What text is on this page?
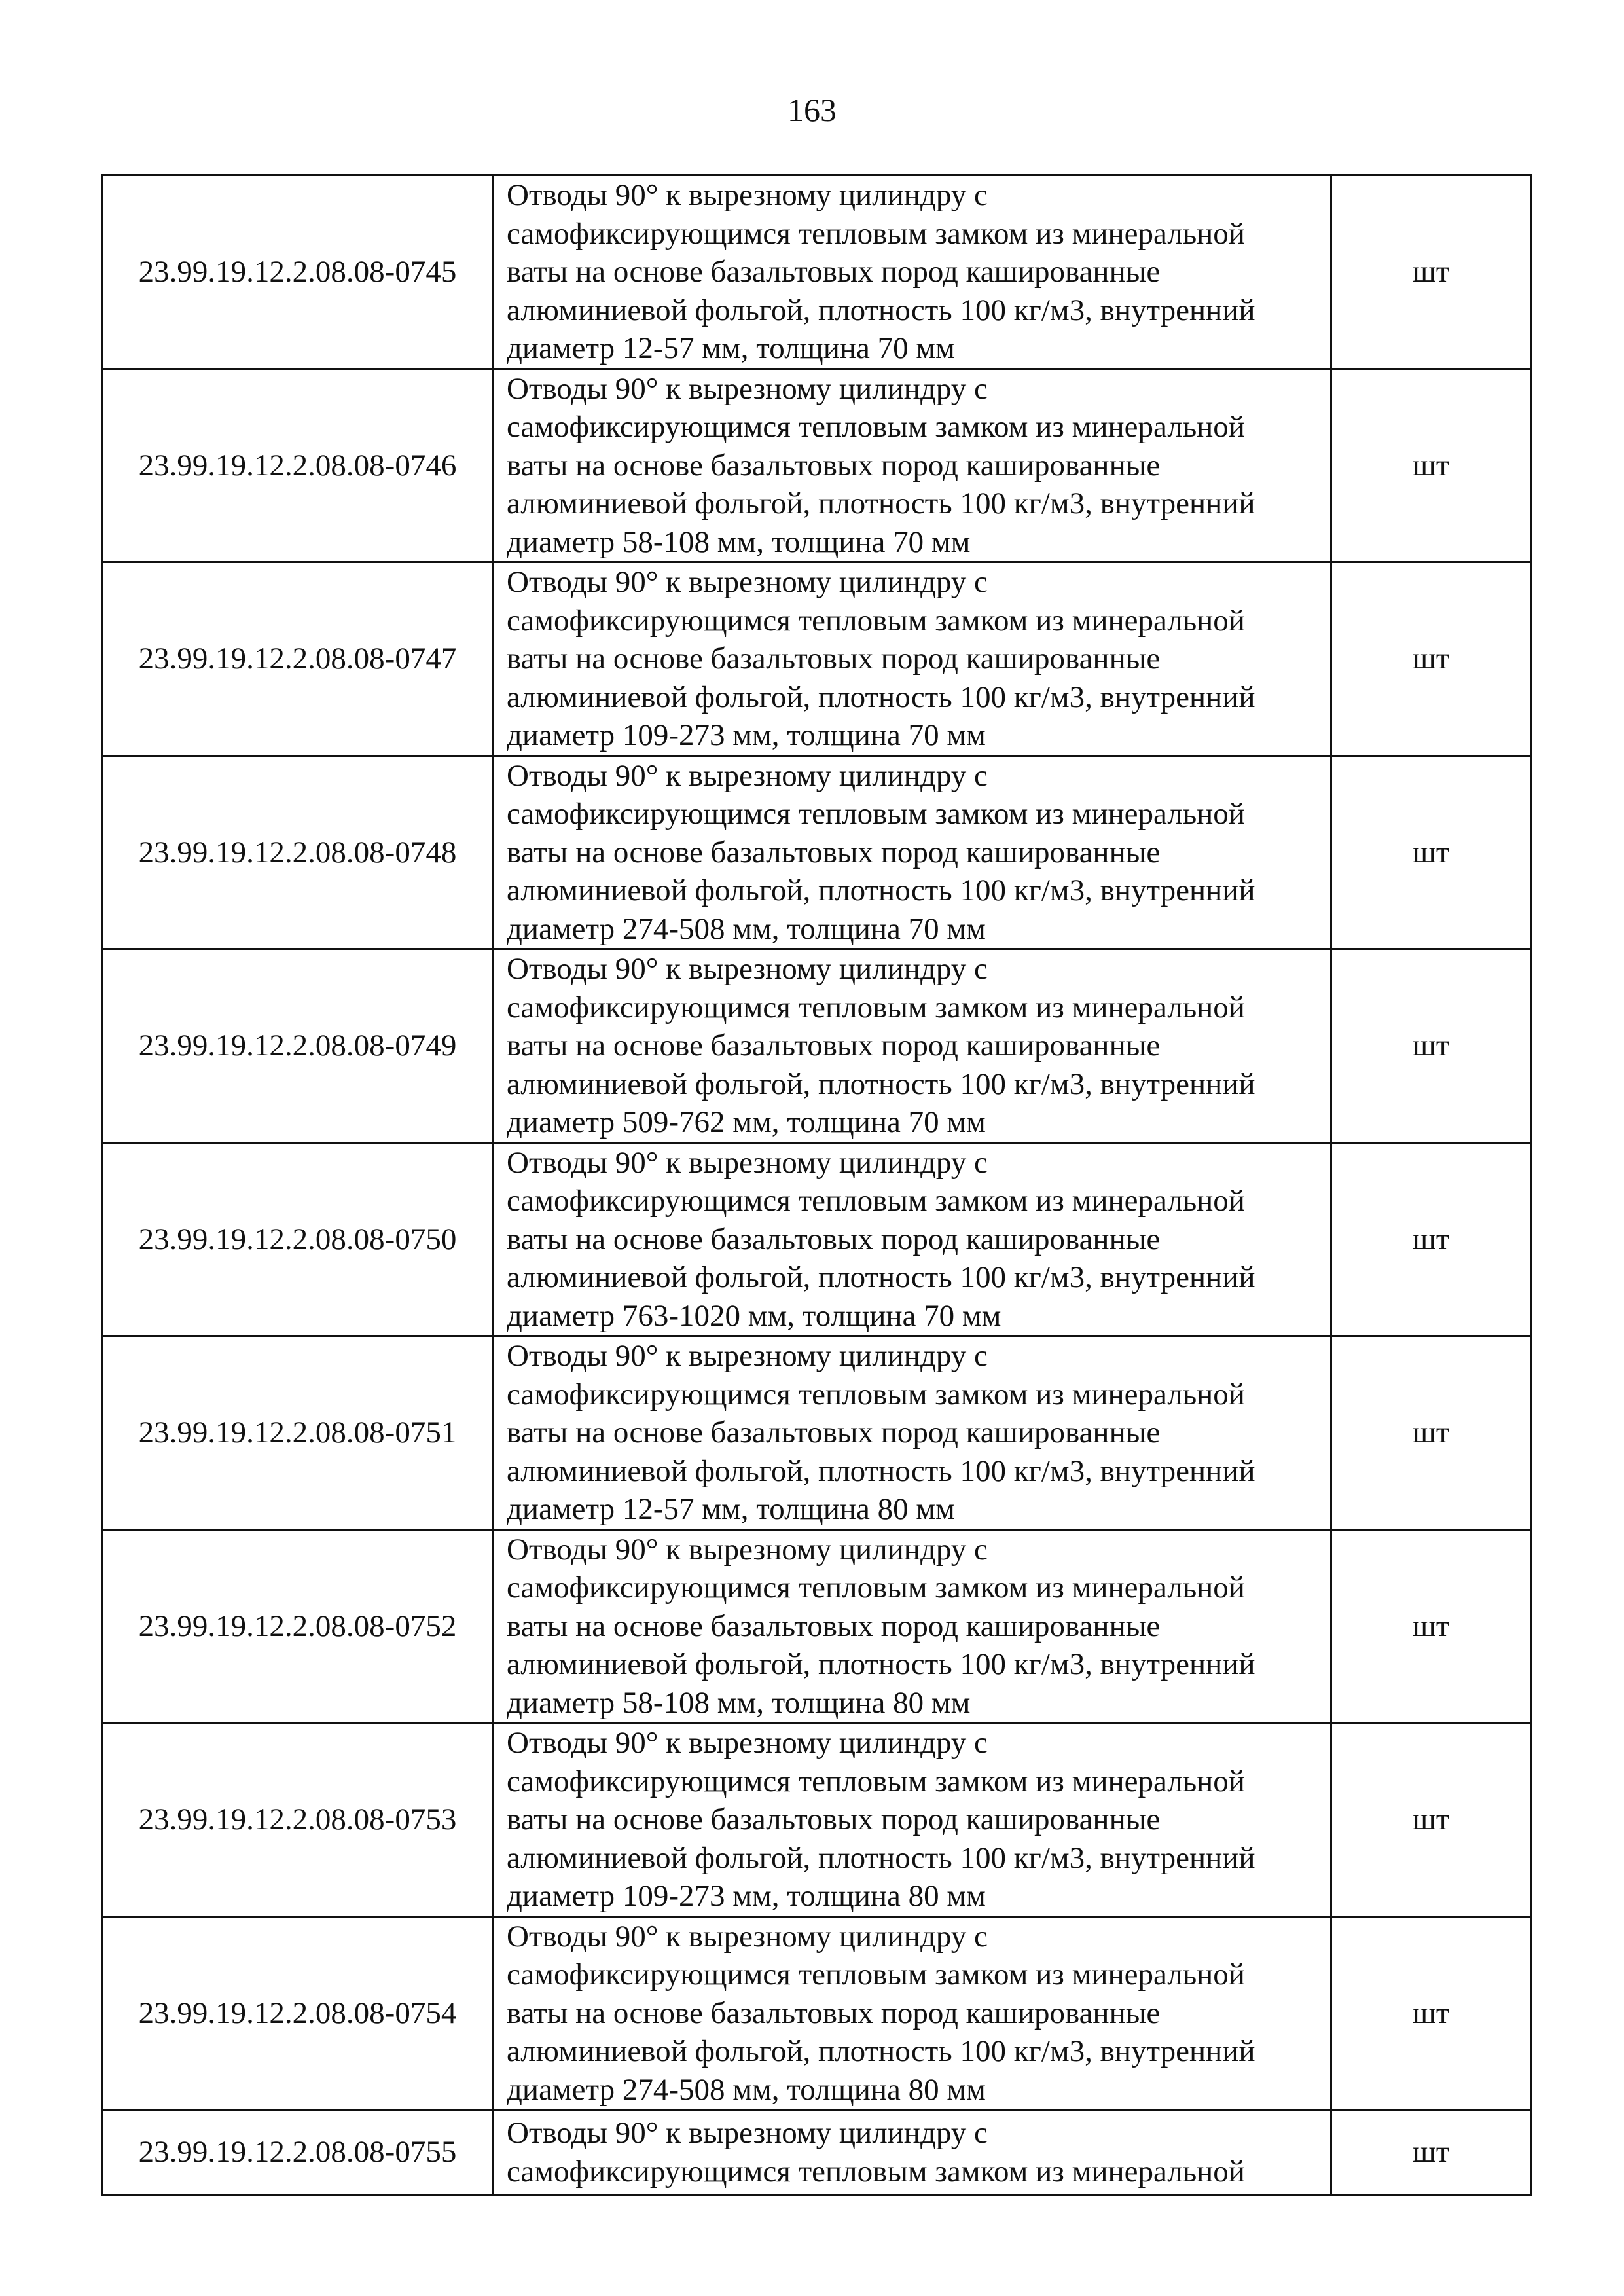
163
23.99.19.12.2.08.08-0745	Отводы 90° к вырезному цилиндру с
самофиксирующимся тепловым замком из минеральной
ваты на основе базальтовых пород кашированные
алюминиевой фольгой, плотность 100 кг/м3, внутренний
диаметр 12-57 мм, толщина 70 мм	шт
23.99.19.12.2.08.08-0746	Отводы 90° к вырезному цилиндру с
самофиксирующимся тепловым замком из минеральной
ваты на основе базальтовых пород кашированные
алюминиевой фольгой, плотность 100 кг/м3, внутренний
диаметр 58-108 мм, толщина 70 мм	шт
23.99.19.12.2.08.08-0747	Отводы 90° к вырезному цилиндру с
самофиксирующимся тепловым замком из минеральной
ваты на основе базальтовых пород кашированные
алюминиевой фольгой, плотность 100 кг/м3, внутренний
диаметр 109-273 мм, толщина 70 мм	шт
23.99.19.12.2.08.08-0748	Отводы 90° к вырезному цилиндру с
самофиксирующимся тепловым замком из минеральной
ваты на основе базальтовых пород кашированные
алюминиевой фольгой, плотность 100 кг/м3, внутренний
диаметр 274-508 мм, толщина 70 мм	шт
23.99.19.12.2.08.08-0749	Отводы 90° к вырезному цилиндру с
самофиксирующимся тепловым замком из минеральной
ваты на основе базальтовых пород кашированные
алюминиевой фольгой, плотность 100 кг/м3, внутренний
диаметр 509-762 мм, толщина 70 мм	шт
23.99.19.12.2.08.08-0750	Отводы 90° к вырезному цилиндру с
самофиксирующимся тепловым замком из минеральной
ваты на основе базальтовых пород кашированные
алюминиевой фольгой, плотность 100 кг/м3, внутренний
диаметр 763-1020 мм, толщина 70 мм	шт
23.99.19.12.2.08.08-0751	Отводы 90° к вырезному цилиндру с
самофиксирующимся тепловым замком из минеральной
ваты на основе базальтовых пород кашированные
алюминиевой фольгой, плотность 100 кг/м3, внутренний
диаметр 12-57 мм, толщина 80 мм	шт
23.99.19.12.2.08.08-0752	Отводы 90° к вырезному цилиндру с
самофиксирующимся тепловым замком из минеральной
ваты на основе базальтовых пород кашированные
алюминиевой фольгой, плотность 100 кг/м3, внутренний
диаметр 58-108 мм, толщина 80 мм	шт
23.99.19.12.2.08.08-0753	Отводы 90° к вырезному цилиндру с
самофиксирующимся тепловым замком из минеральной
ваты на основе базальтовых пород кашированные
алюминиевой фольгой, плотность 100 кг/м3, внутренний
диаметр 109-273 мм, толщина 80 мм	шт
23.99.19.12.2.08.08-0754	Отводы 90° к вырезному цилиндру с
самофиксирующимся тепловым замком из минеральной
ваты на основе базальтовых пород кашированные
алюминиевой фольгой, плотность 100 кг/м3, внутренний
диаметр 274-508 мм, толщина 80 мм	шт
23.99.19.12.2.08.08-0755	Отводы 90° к вырезному цилиндру с
самофиксирующимся тепловым замком из минеральной	шт
